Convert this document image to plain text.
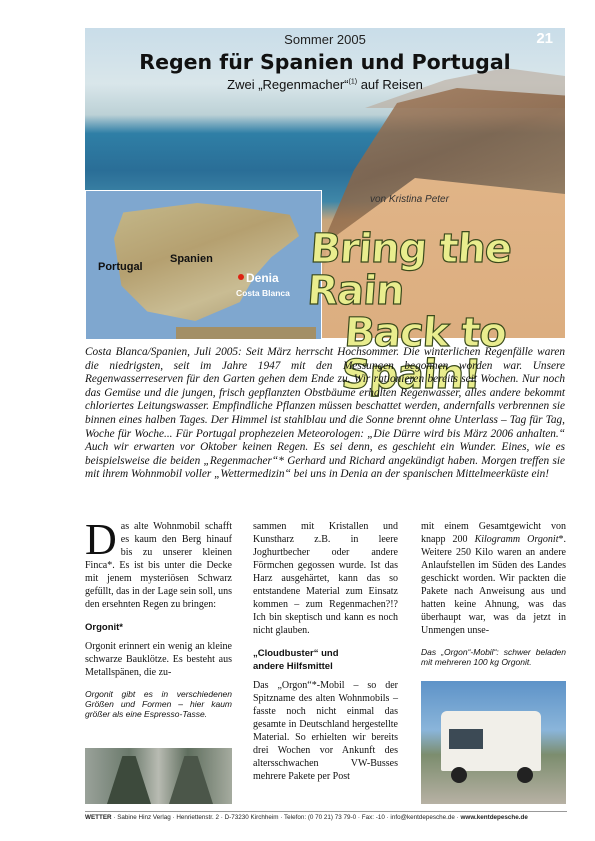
Sommer 2005	21
Regen für Spanien und Portugal
Zwei „Regenmacher“$^{(1)}$ auf Reisen
Portugal
Spanien
Denia
Costa Blanca
von Kristina Peter
Bring the Rain
Back to Spain!
Costa Blanca/Spanien, Juli 2005: Seit März herrscht Hochsommer. Die winterlichen Regenfälle waren die niedrigsten, seit im Jahre 1947 mit den Messungen begonnen worden war. Unsere Regenwasserreserven für den Garten gehen dem Ende zu. Wir rationieren bereits seit Wochen. Nur noch das Gemüse und die jungen, frisch gepflanzten Obstbäume erhalten Regenwasser, alles andere bekommt chloriertes Leitungswasser. Empfindliche Pflanzen müssen beschattet werden, andernfalls verbrennen sie binnen eines halben Tages. Der Himmel ist stahlblau und die Sonne brennt ohne Unterlass – Tag für Tag, Woche für Woche... Für Portugal prophezeien Meteorologen: „Die Dürre wird bis März 2006 anhalten.“ Auch wir erwarten vor Oktober keinen Regen. Es sei denn, es geschieht ein Wunder. Eines, wie es beispielsweise die beiden „Regenmacher“* Gerhard und Richard angekündigt haben. Morgen treffen sie mit ihrem Wohnmobil voller „Wettermedizin“ bei uns in Denia an der spanischen Mittelmeerküste ein!

Das alte Wohnmobil schafft es kaum den Berg hinauf bis zu unserer kleinen Finca*. Es ist bis unter die Decke mit jenem mysteriösen Schwarz gefüllt, das in der Lage sein soll, uns den ersehnten Regen zu bringen:

Orgonit*

Orgonit erinnert ein wenig an kleine schwarze Bauklötze. Es besteht aus Metallspänen, die zu-

Orgonit gibt es in verschiedenen Größen und Formen – hier kaum größer als eine Espresso-Tasse.

sammen mit Kristallen und Kunstharz z.B. in leere Joghurtbecher oder andere Förmchen gegossen wurde. Ist das Harz ausgehärtet, kann das so entstandene Material zum Einsatz kommen – zum Regenmachen?!? Ich bin skeptisch und kann es noch nicht glauben.

„Cloudbuster“ und
andere Hilfsmittel

Das „Orgon“*-Mobil – so der Spitzname des alten Wohnmobils – fasste noch nicht einmal das gesamte in Deutschland hergestellte Material. So erhielten wir bereits drei Wochen vor Ankunft des altersschwachen VW-Busses mehrere Pakete per Post

mit einem Gesamtgewicht von knapp 200 Kilogramm Orgonit*. Weitere 250 Kilo waren an andere Anlaufstellen im Süden des Landes geschickt worden. Wir packten die Pakete nach Anweisung aus und hatten keine Ahnung, was das überhaupt war, was da jetzt in Unmengen unse-

Das „Orgon“-Mobil“: schwer beladen mit mehreren 100 kg Orgonit.
WETTER · Sabine Hinz Verlag · Henriettenstr. 2 · D-73230 Kirchheim · Telefon: (0 70 21) 73 79-0 · Fax: -10 · info@kentdepesche.de · www.kentdepesche.de
